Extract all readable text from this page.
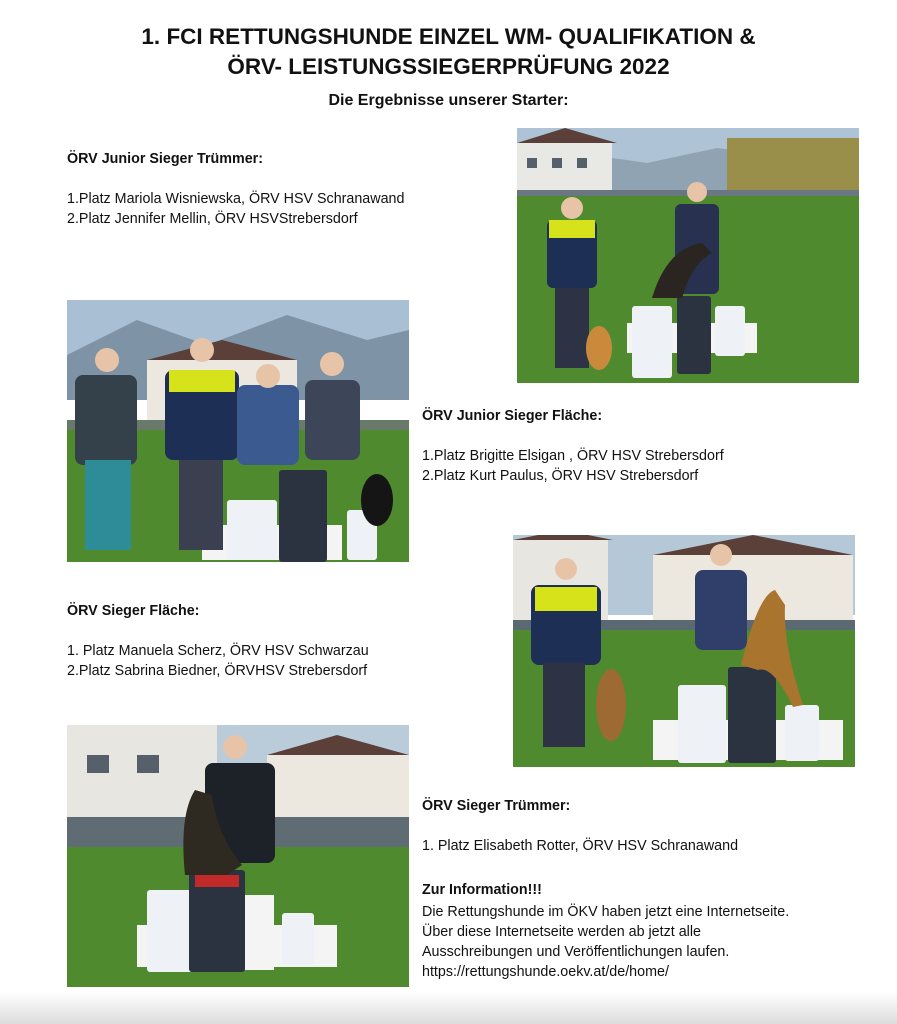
1. FCI RETTUNGSHUNDE EINZEL WM- QUALIFIKATION &
ÖRV- LEISTUNGSSIEGERPRÜFUNG 2022
Die Ergebnisse unserer Starter:
ÖRV Junior Sieger Trümmer:
1.Platz Mariola Wisniewska, ÖRV HSV Schranawand
2.Platz Jennifer Mellin, ÖRV HSVStrebersdorf
ÖRV Junior Sieger Fläche:
1.Platz Brigitte Elsigan , ÖRV HSV Strebersdorf
2.Platz Kurt Paulus, ÖRV HSV Strebersdorf
ÖRV Sieger Fläche:
1. Platz Manuela Scherz, ÖRV HSV Schwarzau
2.Platz Sabrina Biedner, ÖRVHSV Strebersdorf
ÖRV Sieger Trümmer:
1. Platz Elisabeth Rotter, ÖRV HSV Schranawand
Zur Information!!!
Die Rettungshunde im ÖKV haben jetzt eine Internetseite.
Über diese Internetseite werden ab jetzt alle
Ausschreibungen und Veröffentlichungen laufen.
https://rettungshunde.oekv.at/de/home/
